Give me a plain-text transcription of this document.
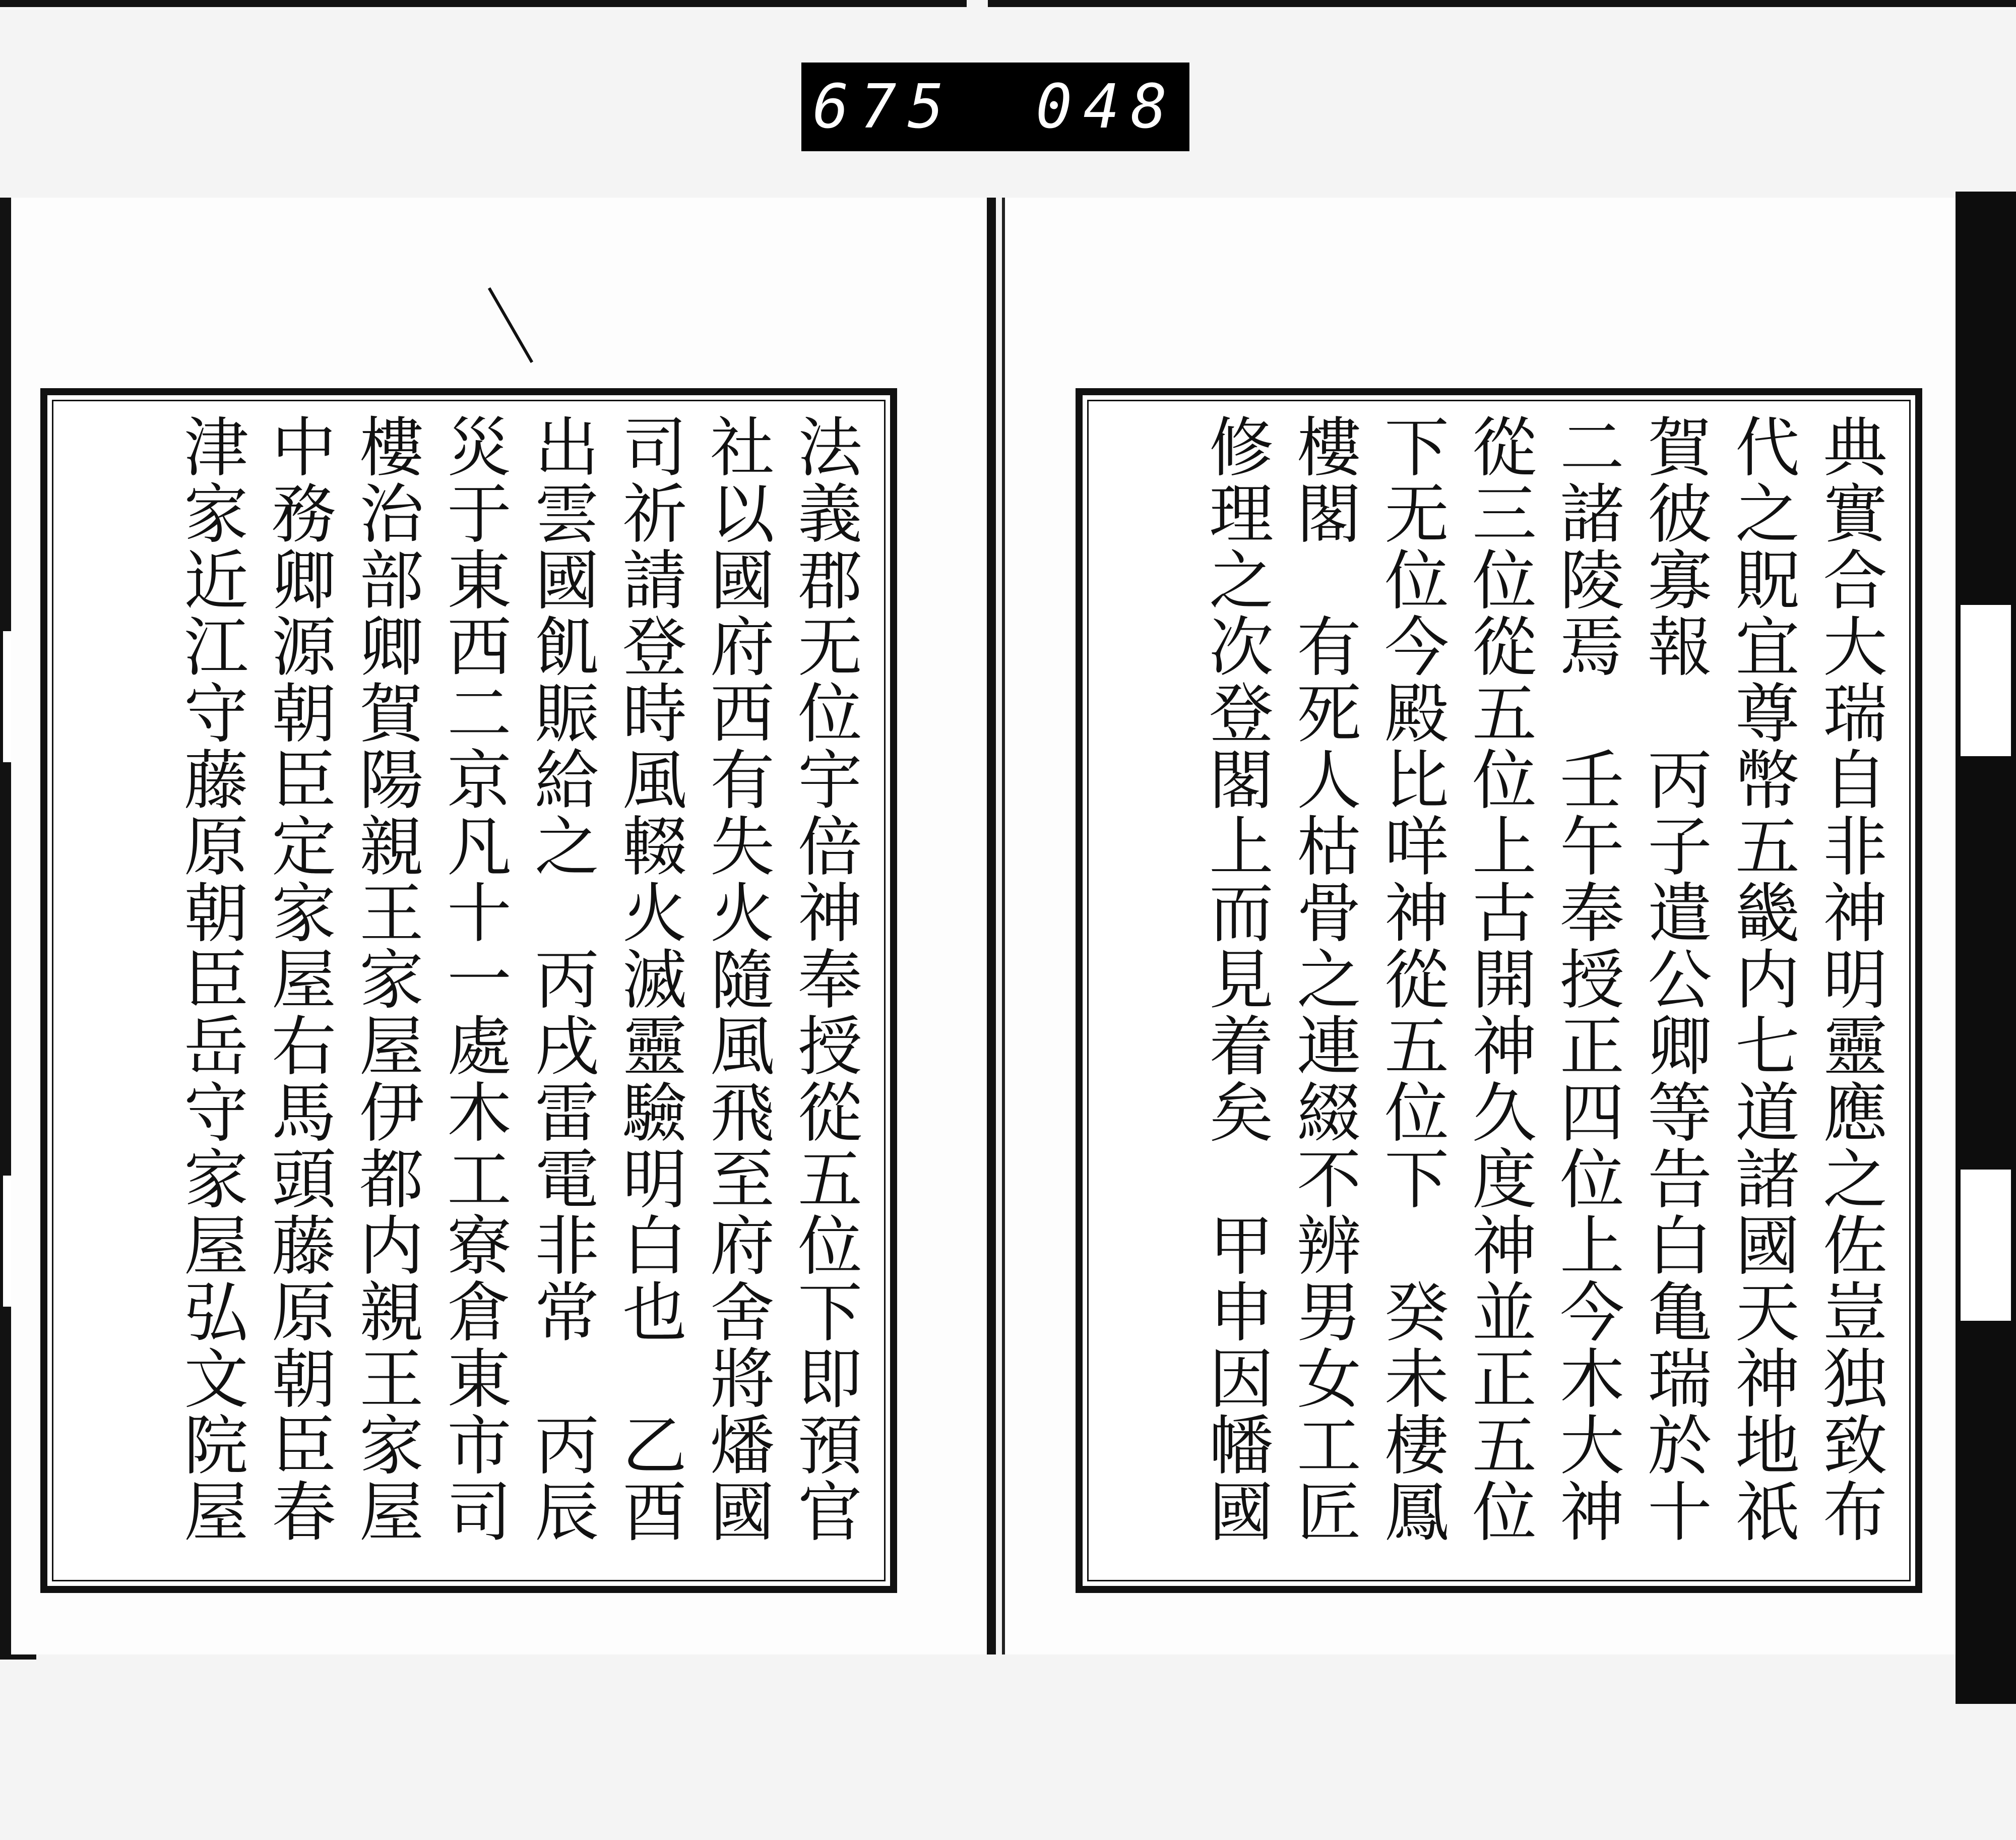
675 048
法義郡无位宇倍神奉授從五位下即預官
社以國府西有失火隨風飛至府舍將燔國
司祈請登時風輟火滅靈驗明白也　乙酉
出雲國飢賑給之　丙戌雷電非常　丙辰
災于東西二京凡十一處木工寮倉東市司
樓治部卿賀陽親王家屋伊都内親王家屋
中務卿源朝臣定家屋右馬頭藤原朝臣春
津家近江守藤原朝臣岳守家屋弘文院屋	典實合大瑞自非神明靈應之佐豈独致布
代之貺宜尊幣五畿内七道諸國天神地祇
賀彼寡報　丙子遣公卿等告白亀瑞於十
二諸陵焉　壬午奉授正四位上今木大神
從三位從五位上古開神久度神並正五位
下无位今殿比咩神從五位下　癸未棲鳳
樓閣　有死人枯骨之連綴不辨男女工匠
修理之次登閣上而見着矣　甲申因幡國
